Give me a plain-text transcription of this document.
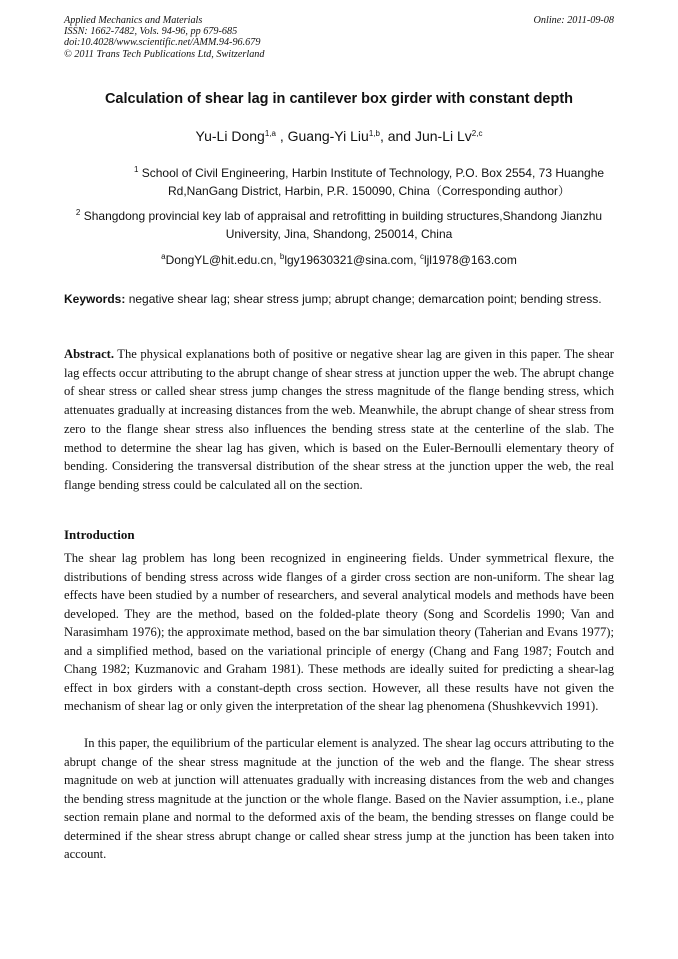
Applied Mechanics and Materials
ISSN: 1662-7482, Vols. 94-96, pp 679-685
doi:10.4028/www.scientific.net/AMM.94-96.679
© 2011 Trans Tech Publications Ltd, Switzerland
Online: 2011-09-08
Calculation of shear lag in cantilever box girder with constant depth
Yu-Li Dong$^{1,a}$ , Guang-Yi Liu$^{1,b}$, and Jun-Li Lv$^{2,c}$
$^1$ School of Civil Engineering, Harbin Institute of Technology, P.O. Box 2554, 73 Huanghe Rd,NanGang District, Harbin, P.R. 150090, China（Corresponding author）
$^2$ Shangdong provincial key lab of appraisal and retrofitting in building structures,Shandong Jianzhu University, Jina, Shandong, 250014, China
$^a$DongYL@hit.edu.cn, $^b$lgy19630321@sina.com, $^c$ljl1978@163.com
Keywords: negative shear lag; shear stress jump; abrupt change; demarcation point; bending stress.
Abstract. The physical explanations both of positive or negative shear lag are given in this paper. The shear lag effects occur attributing to the abrupt change of shear stress at junction upper the web. The abrupt change of shear stress or called shear stress jump changes the stress magnitude of the flange bending stress, which attenuates gradually at increasing distances from the web. Meanwhile, the abrupt change of shear stress from zero to the flange shear stress also influences the bending stress state at the centerline of the slab. The method to determine the shear lag has given, which is based on the Euler-Bernoulli elementary theory of bending. Considering the transversal distribution of the shear stress at the junction upper the web, the real flange bending stress could be calculated all on the section.
Introduction

The shear lag problem has long been recognized in engineering fields. Under symmetrical flexure, the distributions of bending stress across wide flanges of a girder cross section are non-uniform. The shear lag effects have been studied by a number of researchers, and several analytical models and methods have been developed. They are the method, based on the folded-plate theory (Song and Scordelis 1990; Van and Narasimham 1976); the approximate method, based on the bar simulation theory (Taherian and Evans 1977); and a simplified method, based on the variational principle of energy (Chang and Fang 1987; Foutch and Chang 1982; Kuzmanovic and Graham 1981). These methods are ideally suited for predicting a shear-lag effect in box girders with a constant-depth cross section. However, all these results have not given the mechanism of shear lag or only given the interpretation of the shear lag phenomena (Shushkevvich 1991).

In this paper, the equilibrium of the particular element is analyzed. The shear lag occurs attributing to the abrupt change of the shear stress magnitude at the junction of the web and the flange. The shear stress magnitude on web at junction will attenuates gradually with increasing distances from the web and changes the bending stress magnitude at the junction or the whole flange. Based on the Navier assumption, i.e., plane section remain plane and normal to the deformed axis of the beam, the bending stresses on flange could be determined if the shear stress abrupt change or called shear stress jump at the junction has been taken into account.
